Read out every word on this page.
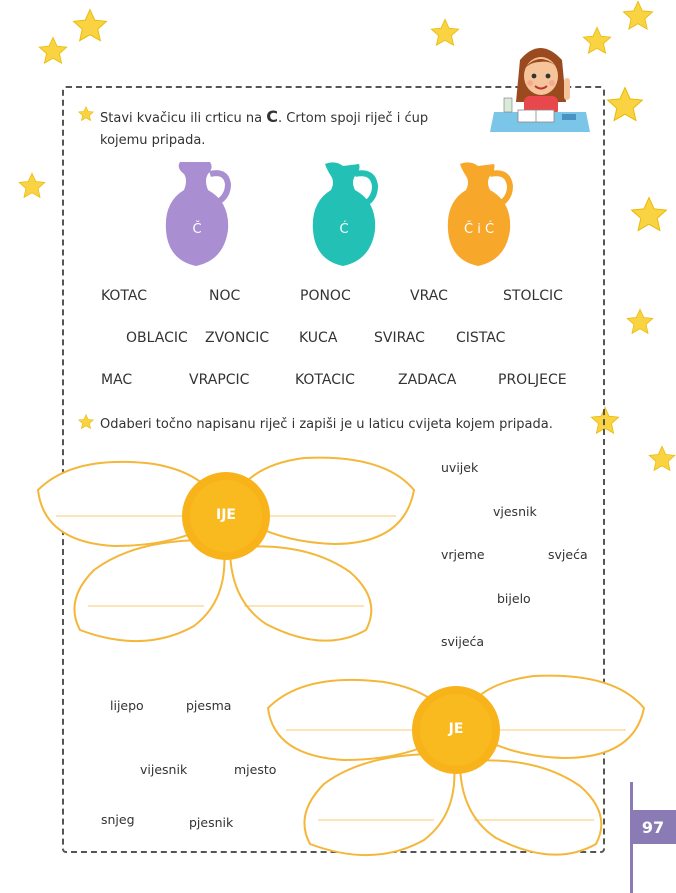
Stavi kvačicu ili crticu na C. Crtom spoji riječ i ćup
kojemu pripada.
Č	Ć	Č i Ć
KOTAC	NOC	PONOC	VRAC	STOLCIC
OBLACIC ZVONCIC KUCA	SVIRAC CISTAC
MAC	VRAPCIC	KOTACIC	ZADACA	PROLJECE
Odaberi točno napisanu riječ i zapiši je u laticu cvijeta kojem pripada.
IJE
uvijek
vjesnik
vrjeme	svjeća
bijelo
svijeća
JE
lijepo	pjesma
vijesnik	mjesto
snjeg	pjesnik	97
